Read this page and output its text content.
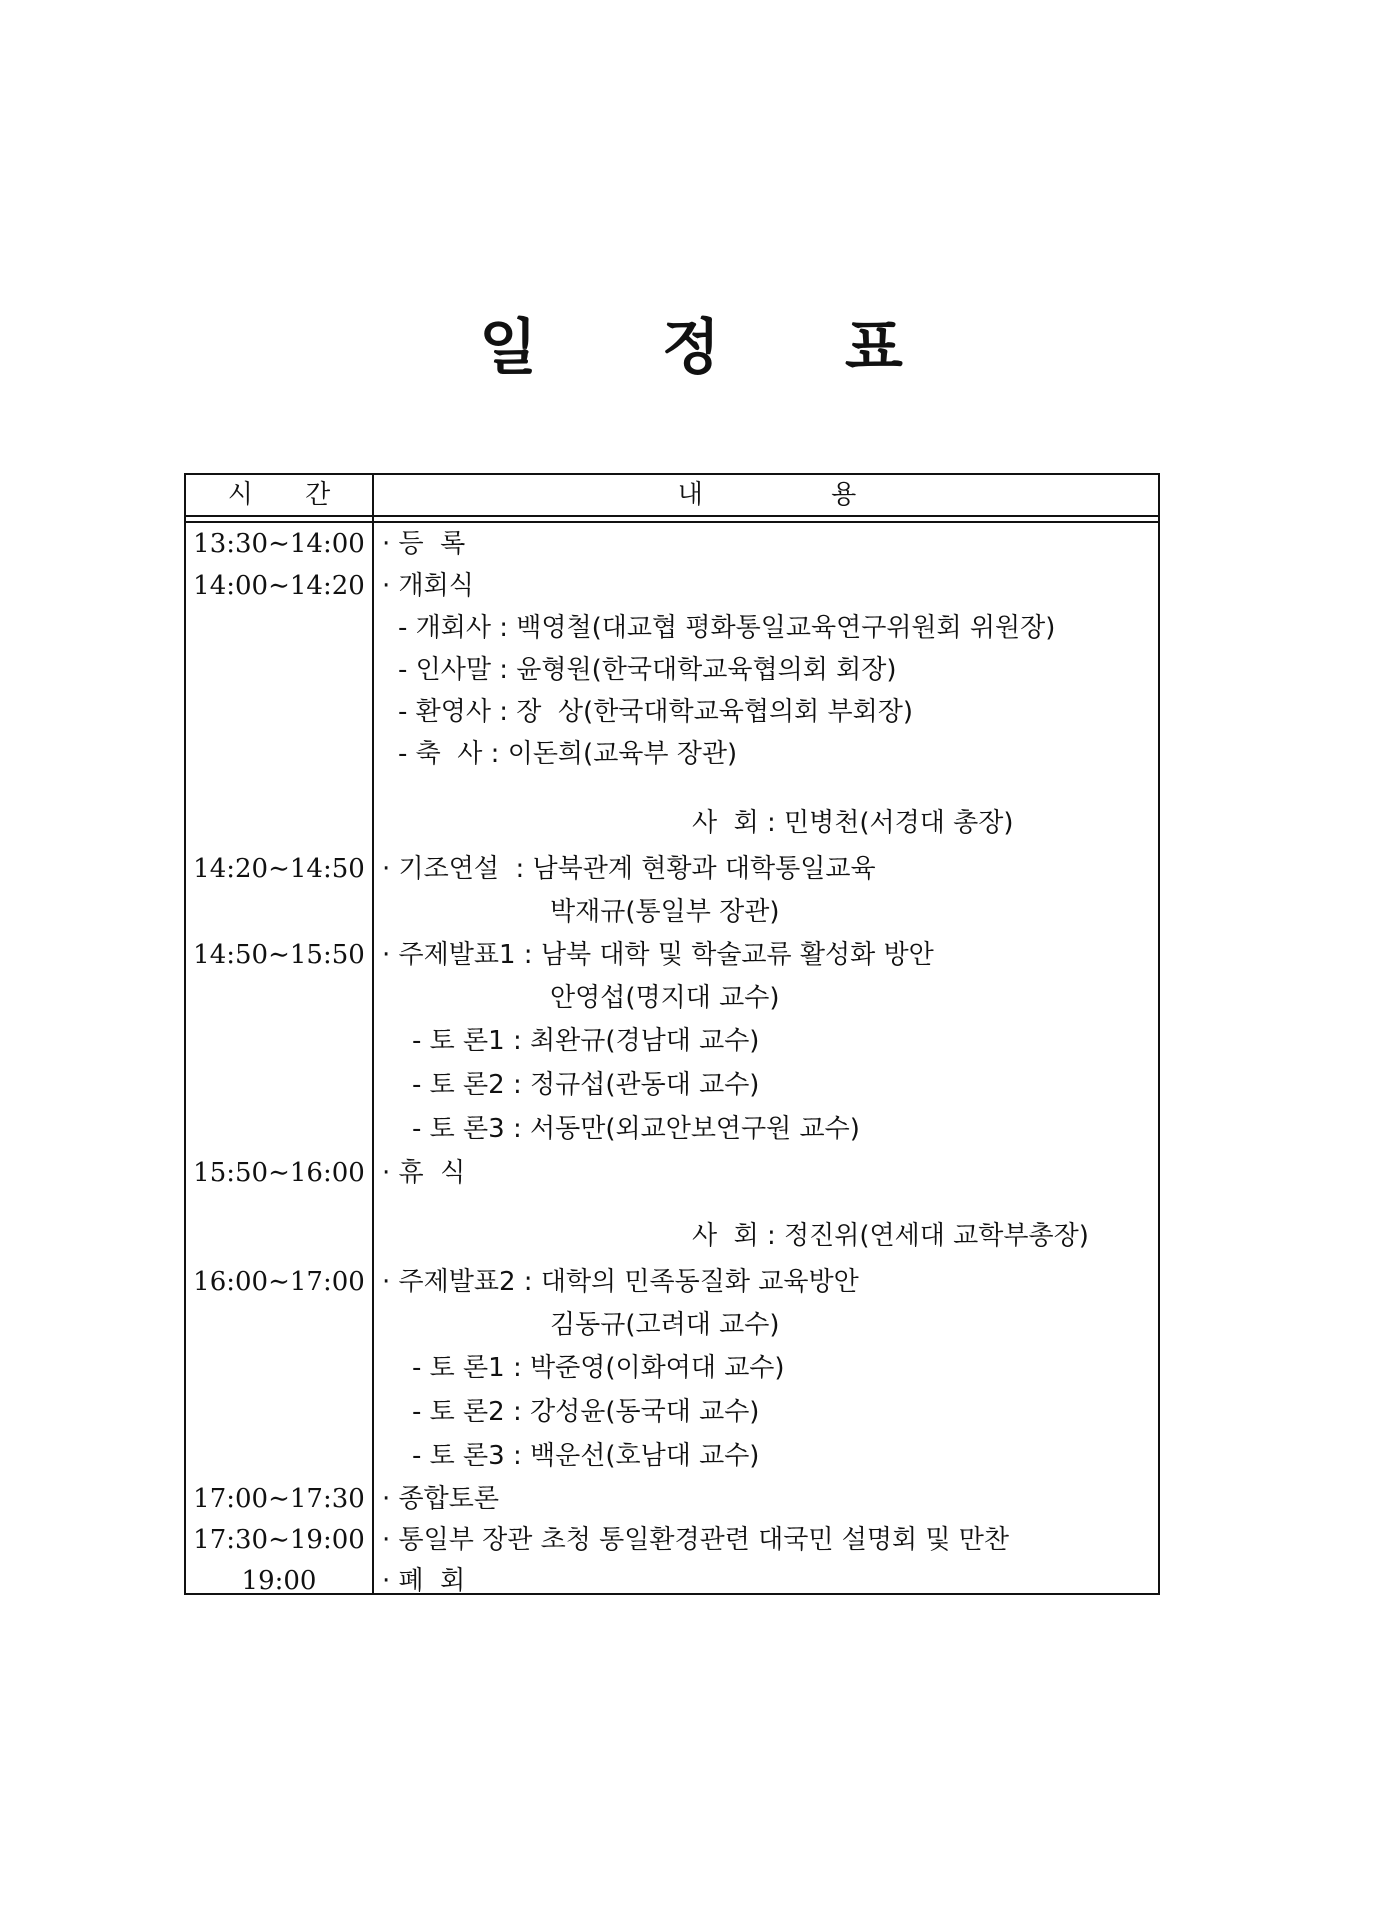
일 정 표
시 간	내 용
13:30∼14:00 · 등  록
14:00∼14:20 · 개회식
- 개회사 : 백영철(대교협 평화통일교육연구위원회 위원장)
- 인사말 : 윤형원(한국대학교육협의회 회장)
- 환영사 : 장  상(한국대학교육협의회 부회장)
- 축  사 : 이돈희(교육부 장관)
사  회 : 민병천(서경대 총장)
14:20∼14:50 · 기조연설  : 남북관계 현황과 대학통일교육
박재규(통일부 장관)
14:50∼15:50 · 주제발표1 : 남북 대학 및 학술교류 활성화 방안
안영섭(명지대 교수)
- 토 론1 : 최완규(경남대 교수)
- 토 론2 : 정규섭(관동대 교수)
- 토 론3 : 서동만(외교안보연구원 교수)
15:50∼16:00 · 휴  식
사  회 : 정진위(연세대 교학부총장)
16:00∼17:00 · 주제발표2 : 대학의 민족동질화 교육방안
김동규(고려대 교수)
- 토 론1 : 박준영(이화여대 교수)
- 토 론2 : 강성윤(동국대 교수)
- 토 론3 : 백운선(호남대 교수)
17:00∼17:30 · 종합토론
17:30∼19:00 · 통일부 장관 초청 통일환경관련 대국민 설명회 및 만찬
19:00	· 폐  회
